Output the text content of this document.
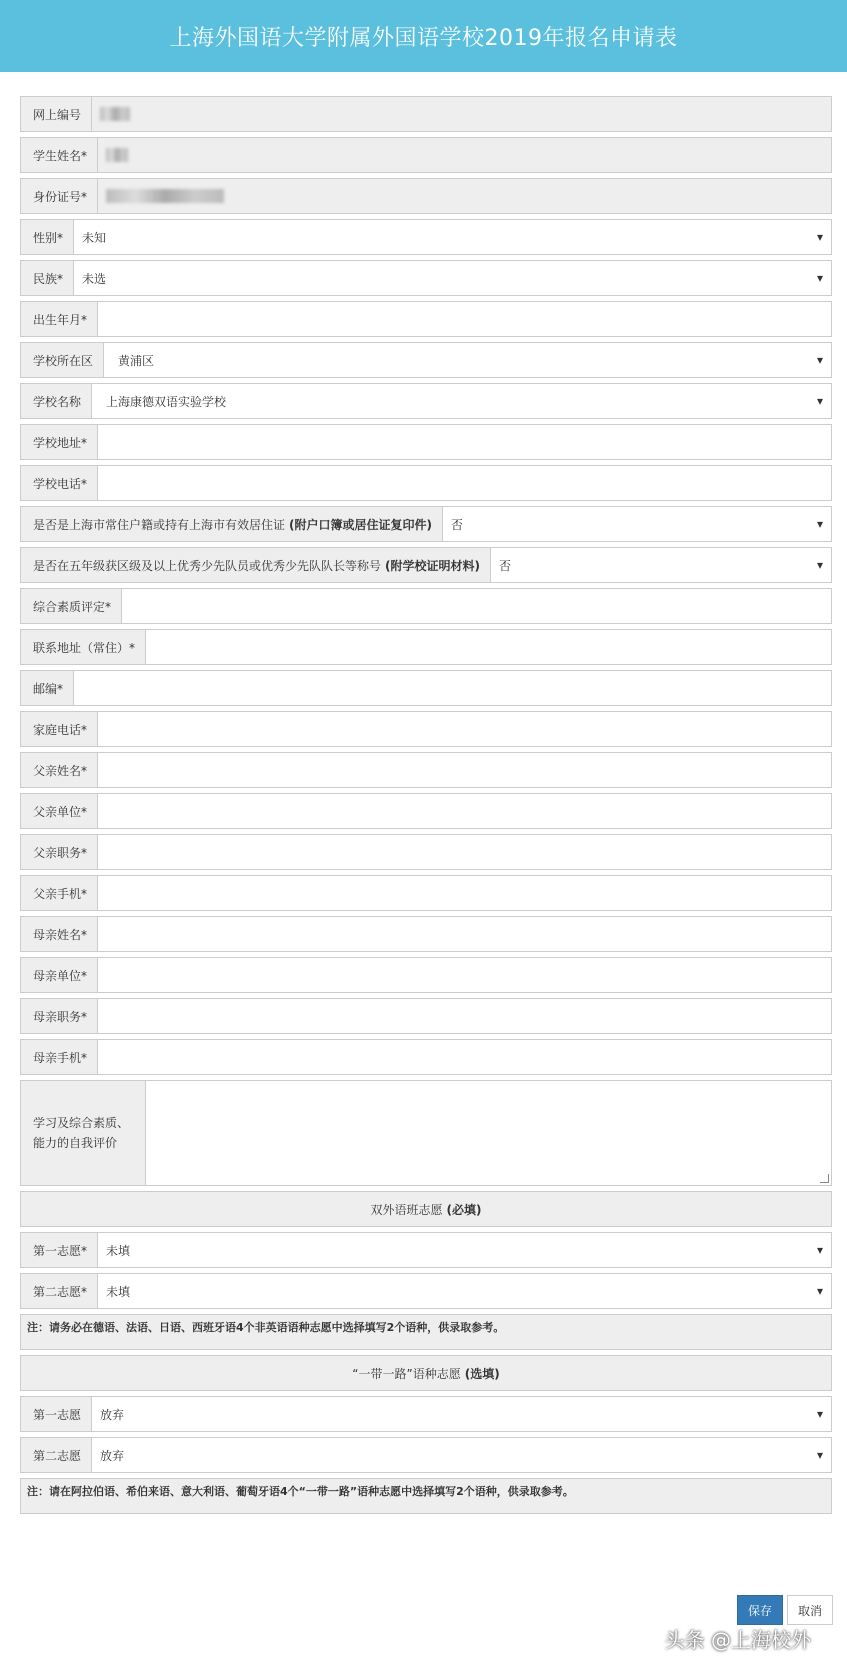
上海外国语大学附属外国语学校2019年报名申请表
网上编号
学生姓名*
身份证号*
性别* 未知
▾
民族* 未选
▾
出生年月*
学校所在区	黄浦区
▾
学校名称	上海康德双语实验学校
▾
学校地址*
学校电话*
是否是上海市常住户籍或持有上海市有效居住证 (附户口簿或居住证复印件) 否
▾
是否在五年级获区级及以上优秀少先队员或优秀少先队队长等称号 (附学校证明材料) 否
▾
综合素质评定*
联系地址（常住）*
邮编*
家庭电话*
父亲姓名*
父亲单位*
父亲职务*
父亲手机*
母亲姓名*
母亲单位*
母亲职务*
母亲手机*
学习及综合素质、能力的自我评价
双外语班志愿 (必填)
第一志愿*	未填 ▾
第二志愿*	未填 ▾
注：请务必在德语、法语、日语、西班牙语4个非英语语种志愿中选择填写2个语种，供录取参考。
“一带一路”语种志愿 (选填)
第一志愿	放弃 ▾
第二志愿	放弃 ▾
注：请在阿拉伯语、希伯来语、意大利语、葡萄牙语4个“一带一路”语种志愿中选择填写2个语种，供录取参考。
保存	取消
头条 @上海校外
